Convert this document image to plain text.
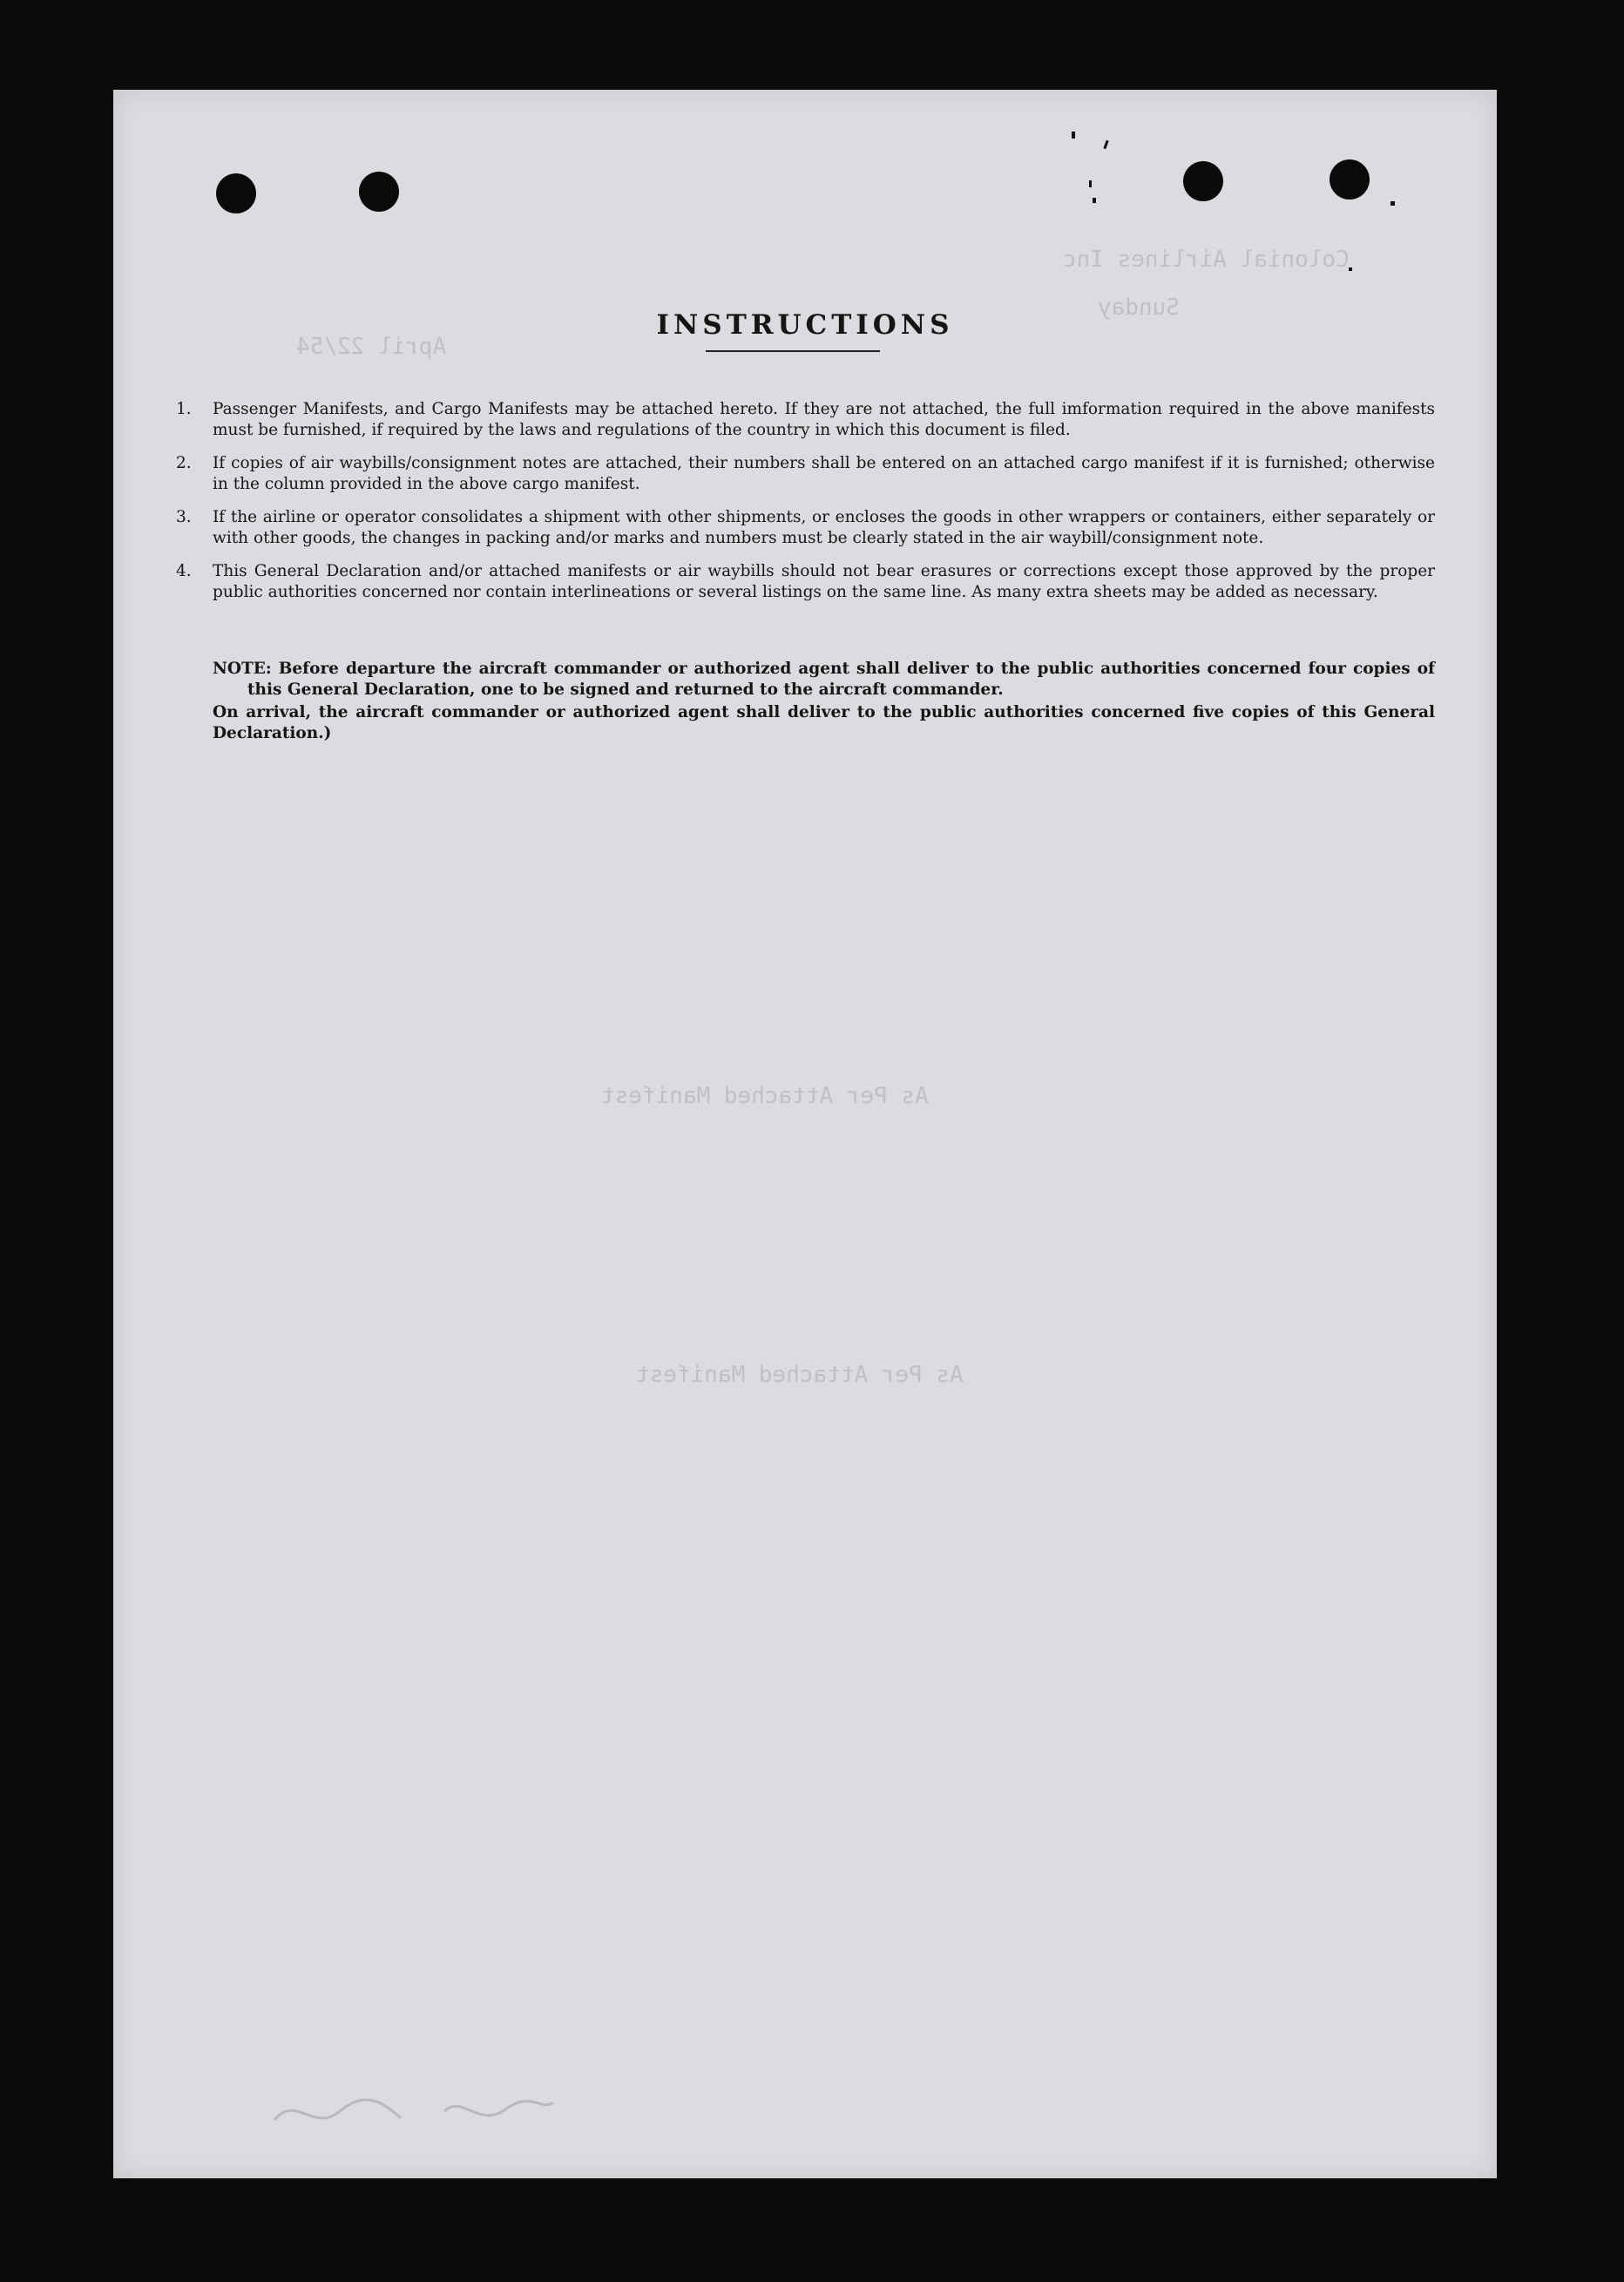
Colonial Airlines Inc
Sunday
April 22/54
As Per Attached Manifest
As Per Attached Manifest
INSTRUCTIONS
1. Passenger Manifests, and Cargo Manifests may be attached hereto. If they are not attached, the full imformation required in the above manifests must be furnished, if required by the laws and regulations of the country in which this document is filed.
2. If copies of air waybills/consignment notes are attached, their numbers shall be entered on an attached cargo manifest if it is furnished; otherwise in the column provided in the above cargo manifest.
3. If the airline or operator consolidates a shipment with other shipments, or encloses the goods in other wrappers or containers, either separately or with other goods, the changes in packing and/or marks and numbers must be clearly stated in the air waybill/consignment note.
4. This General Declaration and/or attached manifests or air waybills should not bear erasures or corrections except those approved by the proper public authorities concerned nor contain interlineations or several listings on the same line. As many extra sheets may be added as necessary.

NOTE: Before departure the aircraft commander or authorized agent shall deliver to the public authorities concerned four copies of this General Declaration, one to be signed and returned to the aircraft commander.

On arrival, the aircraft commander or authorized agent shall deliver to the public authorities concerned five copies of this General Declaration.)
